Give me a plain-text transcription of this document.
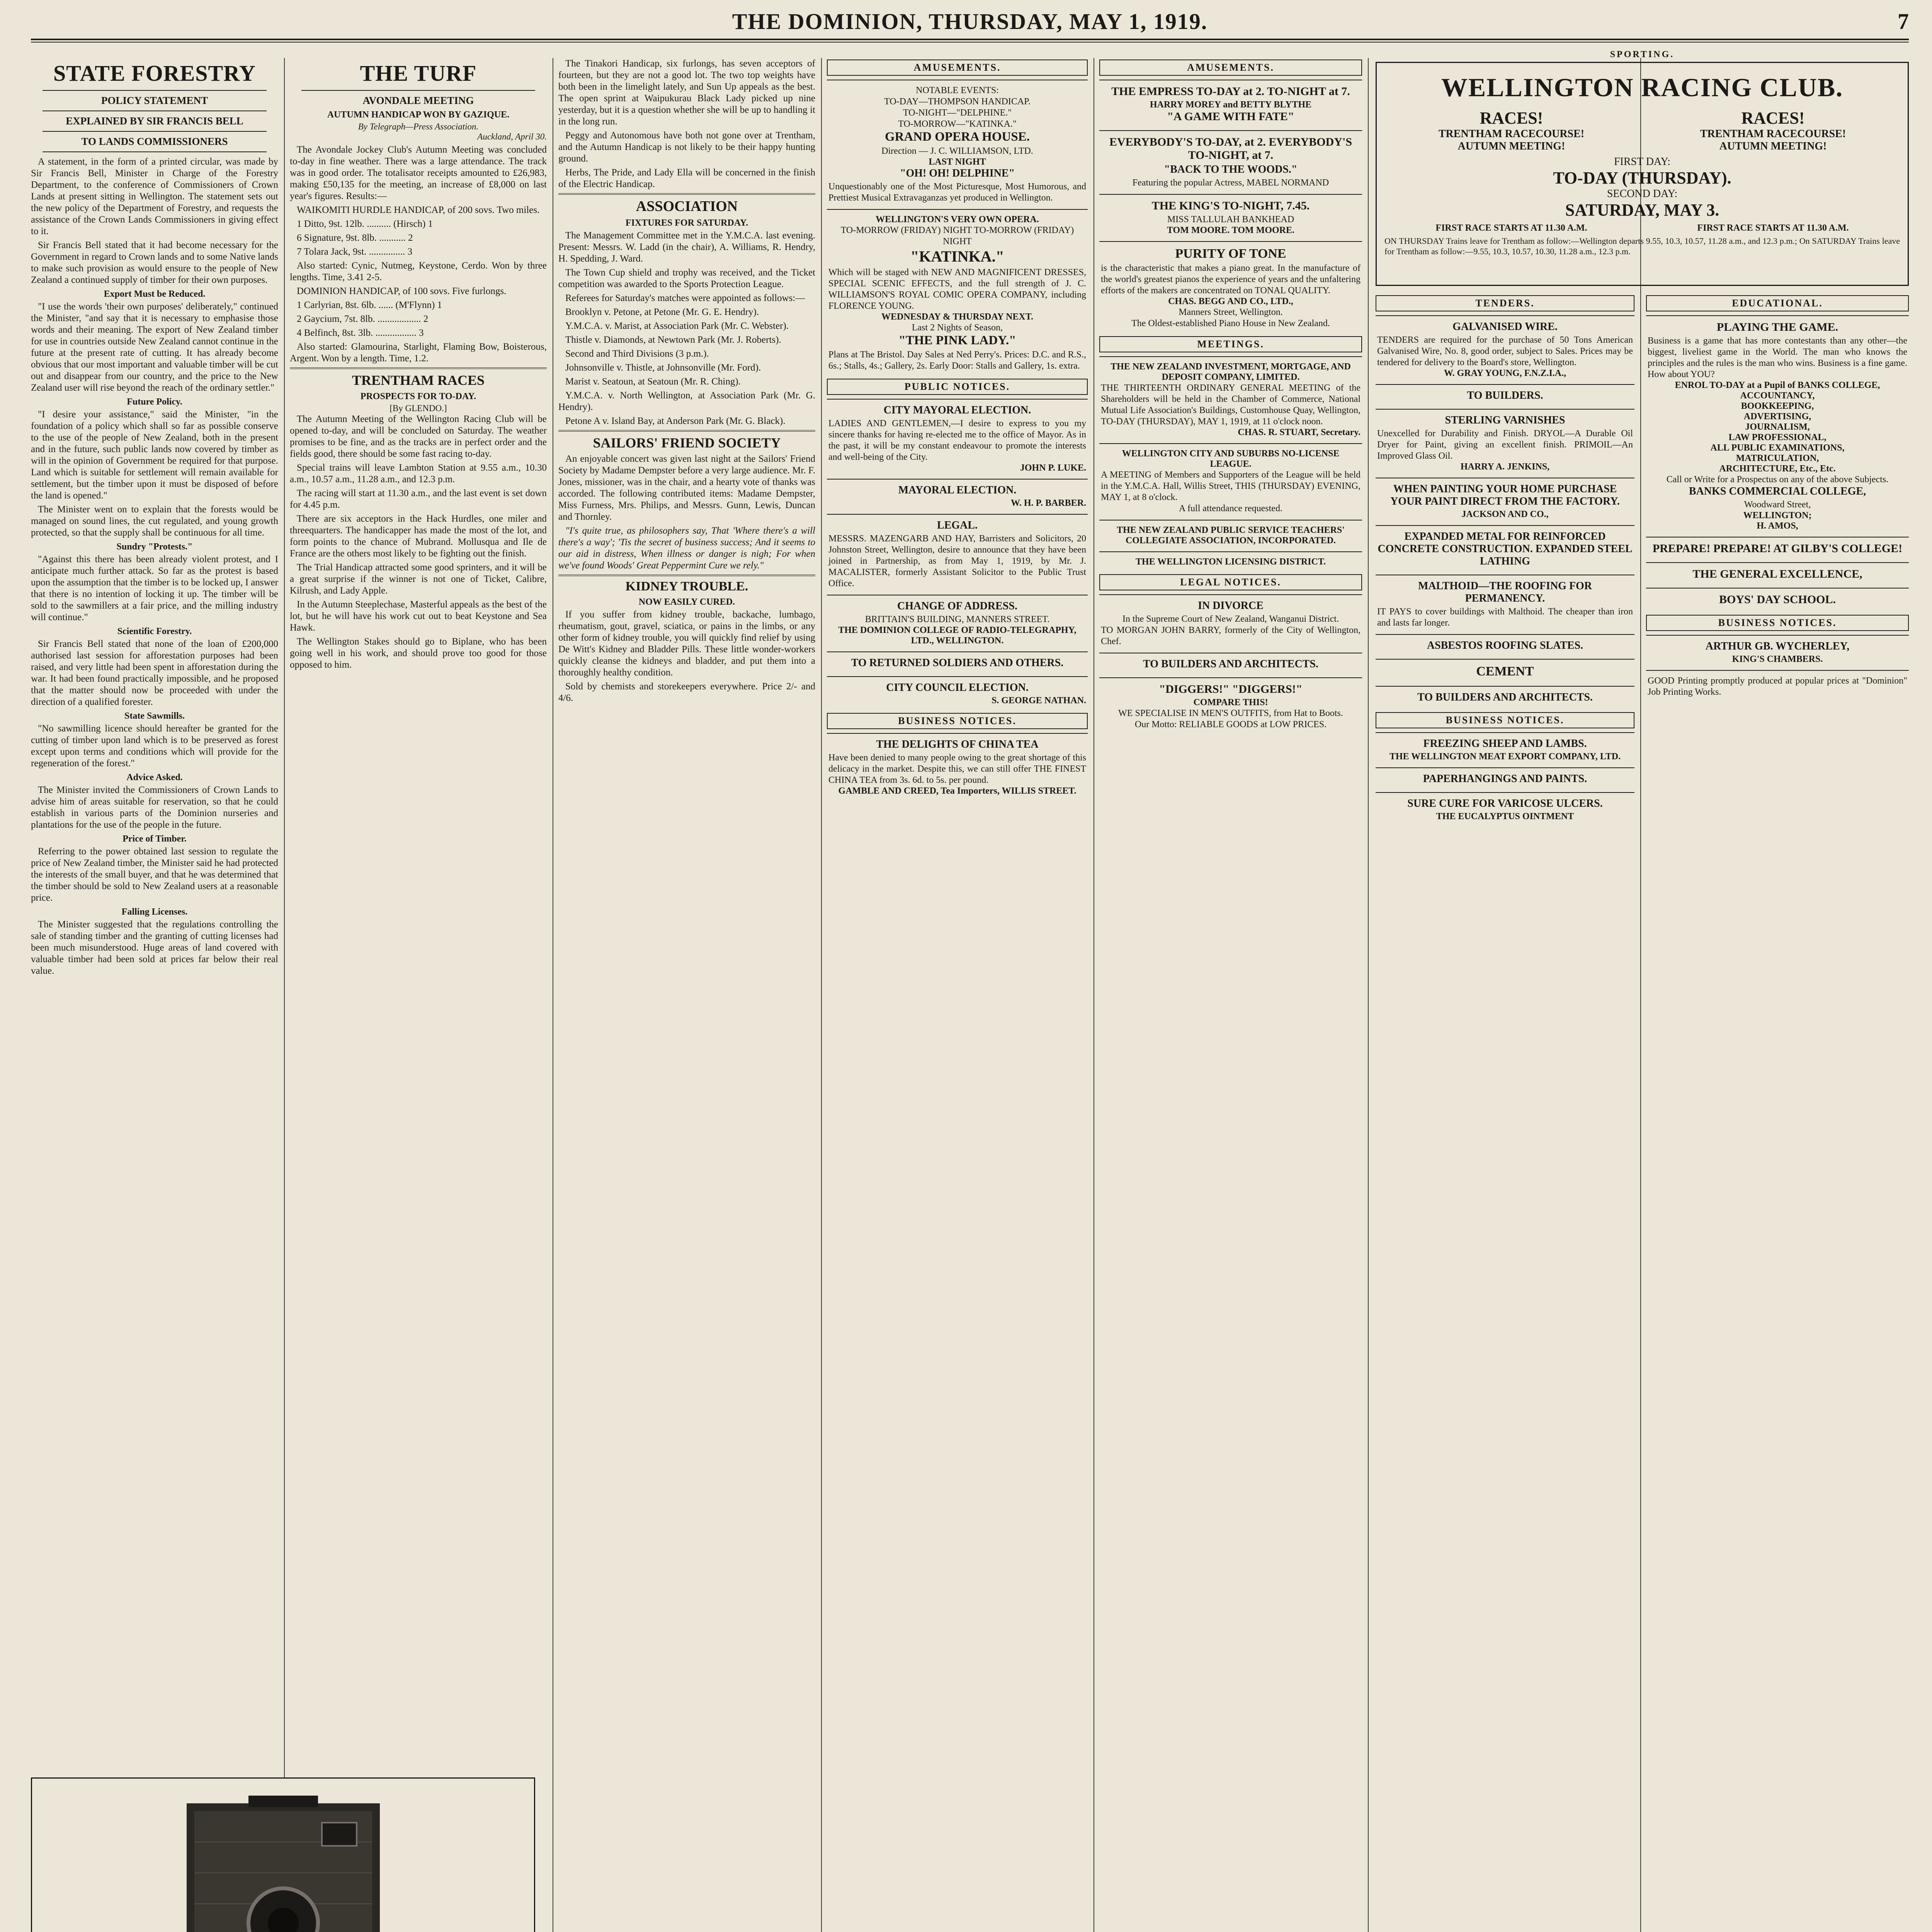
THE DOMINION, THURSDAY, MAY 1, 1919.	7
STATE FORESTRY
POLICY STATEMENT
EXPLAINED BY SIR FRANCIS BELL
TO LANDS COMMISSIONERS

A statement, in the form of a printed circular, was made by Sir Francis Bell, Minister in Charge of the Forestry Department, to the conference of Commissioners of Crown Lands at present sitting in Wellington. The statement sets out the new policy of the Department of Forestry, and requests the assistance of the Crown Lands Commissioners in giving effect to it.

Sir Francis Bell stated that it had become necessary for the Government in regard to Crown lands and to some Native lands to make such provision as would ensure to the people of New Zealand a continued supply of timber for their own purposes.

Export Must be Reduced.

"I use the words 'their own purposes' deliberately," continued the Minister, "and say that it is necessary to emphasise those words and their meaning. The export of New Zealand timber for use in countries outside New Zealand cannot continue in the future at the present rate of cutting. It has already become obvious that our most important and valuable timber will be cut out and disappear from our country, and the price to the New Zealand user will rise beyond the reach of the ordinary settler."

Future Policy.

"I desire your assistance," said the Minister, "in the foundation of a policy which shall so far as possible conserve to the use of the people of New Zealand, both in the present and in the future, such public lands now covered by timber as will in the opinion of Government be required for that purpose. Land which is suitable for settlement will remain available for settlement, but the timber upon it must be disposed of before the land is opened."

The Minister went on to explain that the forests would be managed on sound lines, the cut regulated, and young growth protected, so that the supply shall be continuous for all time.

Sundry "Protests."

"Against this there has been already violent protest, and I anticipate much further attack. So far as the protest is based upon the assumption that the timber is to be locked up, I answer that there is no intention of locking it up. The timber will be sold to the sawmillers at a fair price, and the milling industry will continue."

Scientific Forestry.

Sir Francis Bell stated that none of the loan of £200,000 authorised last session for afforestation purposes had been raised, and very little had been spent in afforestation during the war. It had been found practically impossible, and he proposed that the matter should now be proceeded with under the direction of a qualified forester.

State Sawmills.

"No sawmilling licence should hereafter be granted for the cutting of timber upon land which is to be preserved as forest except upon terms and conditions which will provide for the regeneration of the forest."

Advice Asked.

The Minister invited the Commissioners of Crown Lands to advise him of areas suitable for reservation, so that he could establish in various parts of the Dominion nurseries and plantations for the use of the people in the future.

Price of Timber.

Referring to the power obtained last session to regulate the price of New Zealand timber, the Minister said he had protected the interests of the small buyer, and that he was determined that the timber should be sold to New Zealand users at a reasonable price.

Falling Licenses.

The Minister suggested that the regulations controlling the sale of standing timber and the granting of cutting licenses had been much misunderstood. Huge areas of land covered with valuable timber had been sold at prices far below their real value.

THE TURF
AVONDALE MEETING
AUTUMN HANDICAP WON BY GAZIQUE.
By Telegraph—Press Association.
Auckland, April 30.

The Avondale Jockey Club's Autumn Meeting was concluded to-day in fine weather. There was a large attendance. The track was in good order. The totalisator receipts amounted to £26,983, making £50,135 for the meeting, an increase of £8,000 on last year's figures. Results:—

WAIKOMITI HURDLE HANDICAP, of 200 sovs. Two miles.

1 Ditto, 9st. 12lb. .......... (Hirsch) 1

6 Signature, 9st. 8lb. ........... 2

7 Tolara Jack, 9st. ............... 3

Also started: Cynic, Nutmeg, Keystone, Cerdo. Won by three lengths. Time, 3.41 2-5.

DOMINION HANDICAP, of 100 sovs. Five furlongs.

1 Carlyrian, 8st. 6lb. ...... (M'Flynn) 1

2 Gaycium, 7st. 8lb. .................. 2

4 Belfinch, 8st. 3lb. ................. 3

Also started: Glamourina, Starlight, Flaming Bow, Boisterous, Argent. Won by a length. Time, 1.2.

TRENTHAM RACES
PROSPECTS FOR TO-DAY.
[By GLENDO.]

The Autumn Meeting of the Wellington Racing Club will be opened to-day, and will be concluded on Saturday. The weather promises to be fine, and as the tracks are in perfect order and the fields good, there should be some fast racing to-day.

Special trains will leave Lambton Station at 9.55 a.m., 10.30 a.m., 10.57 a.m., 11.28 a.m., and 12.3 p.m.

The racing will start at 11.30 a.m., and the last event is set down for 4.45 p.m.

There are six acceptors in the Hack Hurdles, one miler and threequarters. The handicapper has made the most of the lot, and form points to the chance of Mubrand. Mollusqua and Ile de France are the others most likely to be fighting out the finish.

The Trial Handicap attracted some good sprinters, and it will be a great surprise if the winner is not one of Ticket, Calibre, Kilrush, and Lady Apple.

In the Autumn Steeplechase, Masterful appeals as the best of the lot, but he will have his work cut out to beat Keystone and Sea Hawk.

The Wellington Stakes should go to Biplane, who has been going well in his work, and should prove too good for those opposed to him.

The Tinakori Handicap, six furlongs, has seven acceptors of fourteen, but they are not a good lot. The two top weights have both been in the limelight lately, and Sun Up appeals as the best. The open sprint at Waipukurau Black Lady picked up nine yesterday, but it is a question whether she will be up to handling it in the long run.

Peggy and Autonomous have both not gone over at Trentham, and the Autumn Handicap is not likely to be their happy hunting ground.

Herbs, The Pride, and Lady Ella will be concerned in the finish of the Electric Handicap.

ASSOCIATION
FIXTURES FOR SATURDAY.

The Management Committee met in the Y.M.C.A. last evening. Present: Messrs. W. Ladd (in the chair), A. Williams, R. Hendry, H. Spedding, J. Ward.

The Town Cup shield and trophy was received, and the Ticket competition was awarded to the Sports Protection League.

Referees for Saturday's matches were appointed as follows:—

Brooklyn v. Petone, at Petone (Mr. G. E. Hendry).

Y.M.C.A. v. Marist, at Association Park (Mr. C. Webster).

Thistle v. Diamonds, at Newtown Park (Mr. J. Roberts).

Second and Third Divisions (3 p.m.).

Johnsonville v. Thistle, at Johnsonville (Mr. Ford).

Marist v. Seatoun, at Seatoun (Mr. R. Ching).

Y.M.C.A. v. North Wellington, at Association Park (Mr. G. Hendry).

Petone A v. Island Bay, at Anderson Park (Mr. G. Black).

SAILORS' FRIEND SOCIETY

An enjoyable concert was given last night at the Sailors' Friend Society by Madame Dempster before a very large audience. Mr. F. Jones, missioner, was in the chair, and a hearty vote of thanks was accorded. The following contributed items: Madame Dempster, Miss Furness, Mrs. Philips, and Messrs. Gunn, Lewis, Duncan and Thornley.

"I's quite true, as philosophers say, That 'Where there's a will there's a way'; 'Tis the secret of business success; And it seems to our aid in distress, When illness or danger is nigh; For when we've found Woods' Great Peppermint Cure we rely."

KIDNEY TROUBLE.
NOW EASILY CURED.

If you suffer from kidney trouble, backache, lumbago, rheumatism, gout, gravel, sciatica, or pains in the limbs, or any other form of kidney trouble, you will quickly find relief by using De Witt's Kidney and Bladder Pills. These little wonder-workers quickly cleanse the kidneys and bladder, and put them into a thoroughly healthy condition.

Sold by chemists and storekeepers everywhere. Price 2/- and 4/6.

AMUSEMENTS.
NOTABLE EVENTS:
TO-DAY—THOMPSON HANDICAP.
TO-NIGHT—"DELPHINE."
TO-MORROW—"KATINKA."
GRAND OPERA HOUSE.
Direction — J. C. WILLIAMSON, LTD.
LAST NIGHT
"OH! OH! DELPHINE"
Unquestionably one of the Most Picturesque, Most Humorous, and Prettiest Musical Extravaganzas yet produced in Wellington.
WELLINGTON'S VERY OWN OPERA.
TO-MORROW (FRIDAY) NIGHT TO-MORROW (FRIDAY) NIGHT
"KATINKA."
Which will be staged with NEW AND MAGNIFICENT DRESSES, SPECIAL SCENIC EFFECTS, and the full strength of J. C. WILLIAMSON'S ROYAL COMIC OPERA COMPANY, including FLORENCE YOUNG.
WEDNESDAY & THURSDAY NEXT.
Last 2 Nights of Season,
"THE PINK LADY."
Plans at The Bristol. Day Sales at Ned Perry's. Prices: D.C. and R.S., 6s.; Stalls, 4s.; Gallery, 2s. Early Door: Stalls and Gallery, 1s. extra.
PUBLIC NOTICES.
CITY MAYORAL ELECTION.
LADIES AND GENTLEMEN,—I desire to express to you my sincere thanks for having re-elected me to the office of Mayor. As in the past, it will be my constant endeavour to promote the interests and well-being of the City.
JOHN P. LUKE.
MAYORAL ELECTION.
W. H. P. BARBER.
LEGAL.
MESSRS. MAZENGARB AND HAY, Barristers and Solicitors, 20 Johnston Street, Wellington, desire to announce that they have been joined in Partnership, as from May 1, 1919, by Mr. J. MACALISTER, formerly Assistant Solicitor to the Public Trust Office.
CHANGE OF ADDRESS.
BRITTAIN'S BUILDING, MANNERS STREET.
THE DOMINION COLLEGE OF RADIO-TELEGRAPHY, LTD., WELLINGTON.
TO RETURNED SOLDIERS AND OTHERS.
CITY COUNCIL ELECTION.
S. GEORGE NATHAN.
BUSINESS NOTICES.
THE DELIGHTS OF CHINA TEA
Have been denied to many people owing to the great shortage of this delicacy in the market. Despite this, we can still offer THE FINEST CHINA TEA from 3s. 6d. to 5s. per pound.
GAMBLE AND CREED, Tea Importers, WILLIS STREET.
AMUSEMENTS.
THE EMPRESS TO-DAY at 2. TO-NIGHT at 7.
HARRY MOREY and BETTY BLYTHE
"A GAME WITH FATE"
EVERYBODY'S TO-DAY, at 2. EVERYBODY'S TO-NIGHT, at 7.
"BACK TO THE WOODS."
Featuring the popular Actress, MABEL NORMAND
THE KING'S TO-NIGHT, 7.45.
MISS TALLULAH BANKHEAD
TOM MOORE. TOM MOORE.
PURITY OF TONE
is the characteristic that makes a piano great. In the manufacture of the world's greatest pianos the experience of years and the unfaltering efforts of the makers are concentrated on TONAL QUALITY.
CHAS. BEGG AND CO., LTD.,
Manners Street, Wellington.
The Oldest-established Piano House in New Zealand.
MEETINGS.
THE NEW ZEALAND INVESTMENT, MORTGAGE, AND DEPOSIT COMPANY, LIMITED.
THE THIRTEENTH ORDINARY GENERAL MEETING of the Shareholders will be held in the Chamber of Commerce, National Mutual Life Association's Buildings, Customhouse Quay, Wellington, TO-DAY (THURSDAY), MAY 1, 1919, at 11 o'clock noon.
CHAS. R. STUART, Secretary.
WELLINGTON CITY AND SUBURBS NO-LICENSE LEAGUE.
A MEETING of Members and Supporters of the League will be held in the Y.M.C.A. Hall, Willis Street, THIS (THURSDAY) EVENING, MAY 1, at 8 o'clock.
A full attendance requested.
THE NEW ZEALAND PUBLIC SERVICE TEACHERS' COLLEGIATE ASSOCIATION, INCORPORATED.
THE WELLINGTON LICENSING DISTRICT.
LEGAL NOTICES.
IN DIVORCE
In the Supreme Court of New Zealand, Wanganui District.
TO MORGAN JOHN BARRY, formerly of the City of Wellington, Chef.
TO BUILDERS AND ARCHITECTS.
"DIGGERS!" "DIGGERS!"
COMPARE THIS!
WE SPECIALISE IN MEN'S OUTFITS, from Hat to Boots.
Our Motto: RELIABLE GOODS at LOW PRICES.
SPORTING.
WELLINGTON RACING CLUB.
RACES!
TRENTHAM RACECOURSE!
AUTUMN MEETING!
RACES!
TRENTHAM RACECOURSE!
AUTUMN MEETING!
FIRST DAY:
TO-DAY (THURSDAY).
SECOND DAY:
SATURDAY, MAY 3.
FIRST RACE STARTS AT 11.30 A.M.	FIRST RACE STARTS AT 11.30 A.M.
ON THURSDAY Trains leave for Trentham as follow:—Wellington departs 9.55, 10.3, 10.57, 11.28 a.m., and 12.3 p.m.; On SATURDAY Trains leave for Trentham as follow:—9.55, 10.3, 10.57, 10.30, 11.28 a.m., 12.3 p.m.
TENDERS.
GALVANISED WIRE.
TENDERS are required for the purchase of 50 Tons American Galvanised Wire, No. 8, good order, subject to Sales. Prices may be tendered for delivery to the Board's store, Wellington.
W. GRAY YOUNG, F.N.Z.I.A.,
TO BUILDERS.
STERLING VARNISHES
Unexcelled for Durability and Finish. DRYOL—A Durable Oil Dryer for Paint, giving an excellent finish. PRIMOIL—An Improved Glass Oil.
HARRY A. JENKINS,
WHEN PAINTING YOUR HOME PURCHASE YOUR PAINT DIRECT FROM THE FACTORY.
JACKSON AND CO.,
EXPANDED METAL FOR REINFORCED CONCRETE CONSTRUCTION. EXPANDED STEEL LATHING
MALTHOID—THE ROOFING FOR PERMANENCY.
IT PAYS to cover buildings with Malthoid. The cheaper than iron and lasts far longer.
ASBESTOS ROOFING SLATES.
CEMENT
TO BUILDERS AND ARCHITECTS.
BUSINESS NOTICES.
FREEZING SHEEP AND LAMBS.
THE WELLINGTON MEAT EXPORT COMPANY, LTD.
PAPERHANGINGS AND PAINTS.
SURE CURE FOR VARICOSE ULCERS.
THE EUCALYPTUS OINTMENT
EDUCATIONAL.
PLAYING THE GAME.
Business is a game that has more contestants than any other—the biggest, liveliest game in the World. The man who knows the principles and the rules is the man who wins. Business is a fine game. How about YOU?
ENROL TO-DAY at a Pupil of BANKS COLLEGE,
ACCOUNTANCY,
BOOKKEEPING,
ADVERTISING,
JOURNALISM,
LAW PROFESSIONAL,
ALL PUBLIC EXAMINATIONS,
MATRICULATION,
ARCHITECTURE, Etc., Etc.
Call or Write for a Prospectus on any of the above Subjects.
BANKS COMMERCIAL COLLEGE,
Woodward Street,
WELLINGTON;
H. AMOS,
PREPARE! PREPARE! AT GILBY'S COLLEGE!
THE GENERAL EXCELLENCE,
BOYS' DAY SCHOOL.
BUSINESS NOTICES.
ARTHUR GB. WYCHERLEY,
KING'S CHAMBERS.
GOOD Printing promptly produced at popular prices at "Dominion" Job Printing Works.
